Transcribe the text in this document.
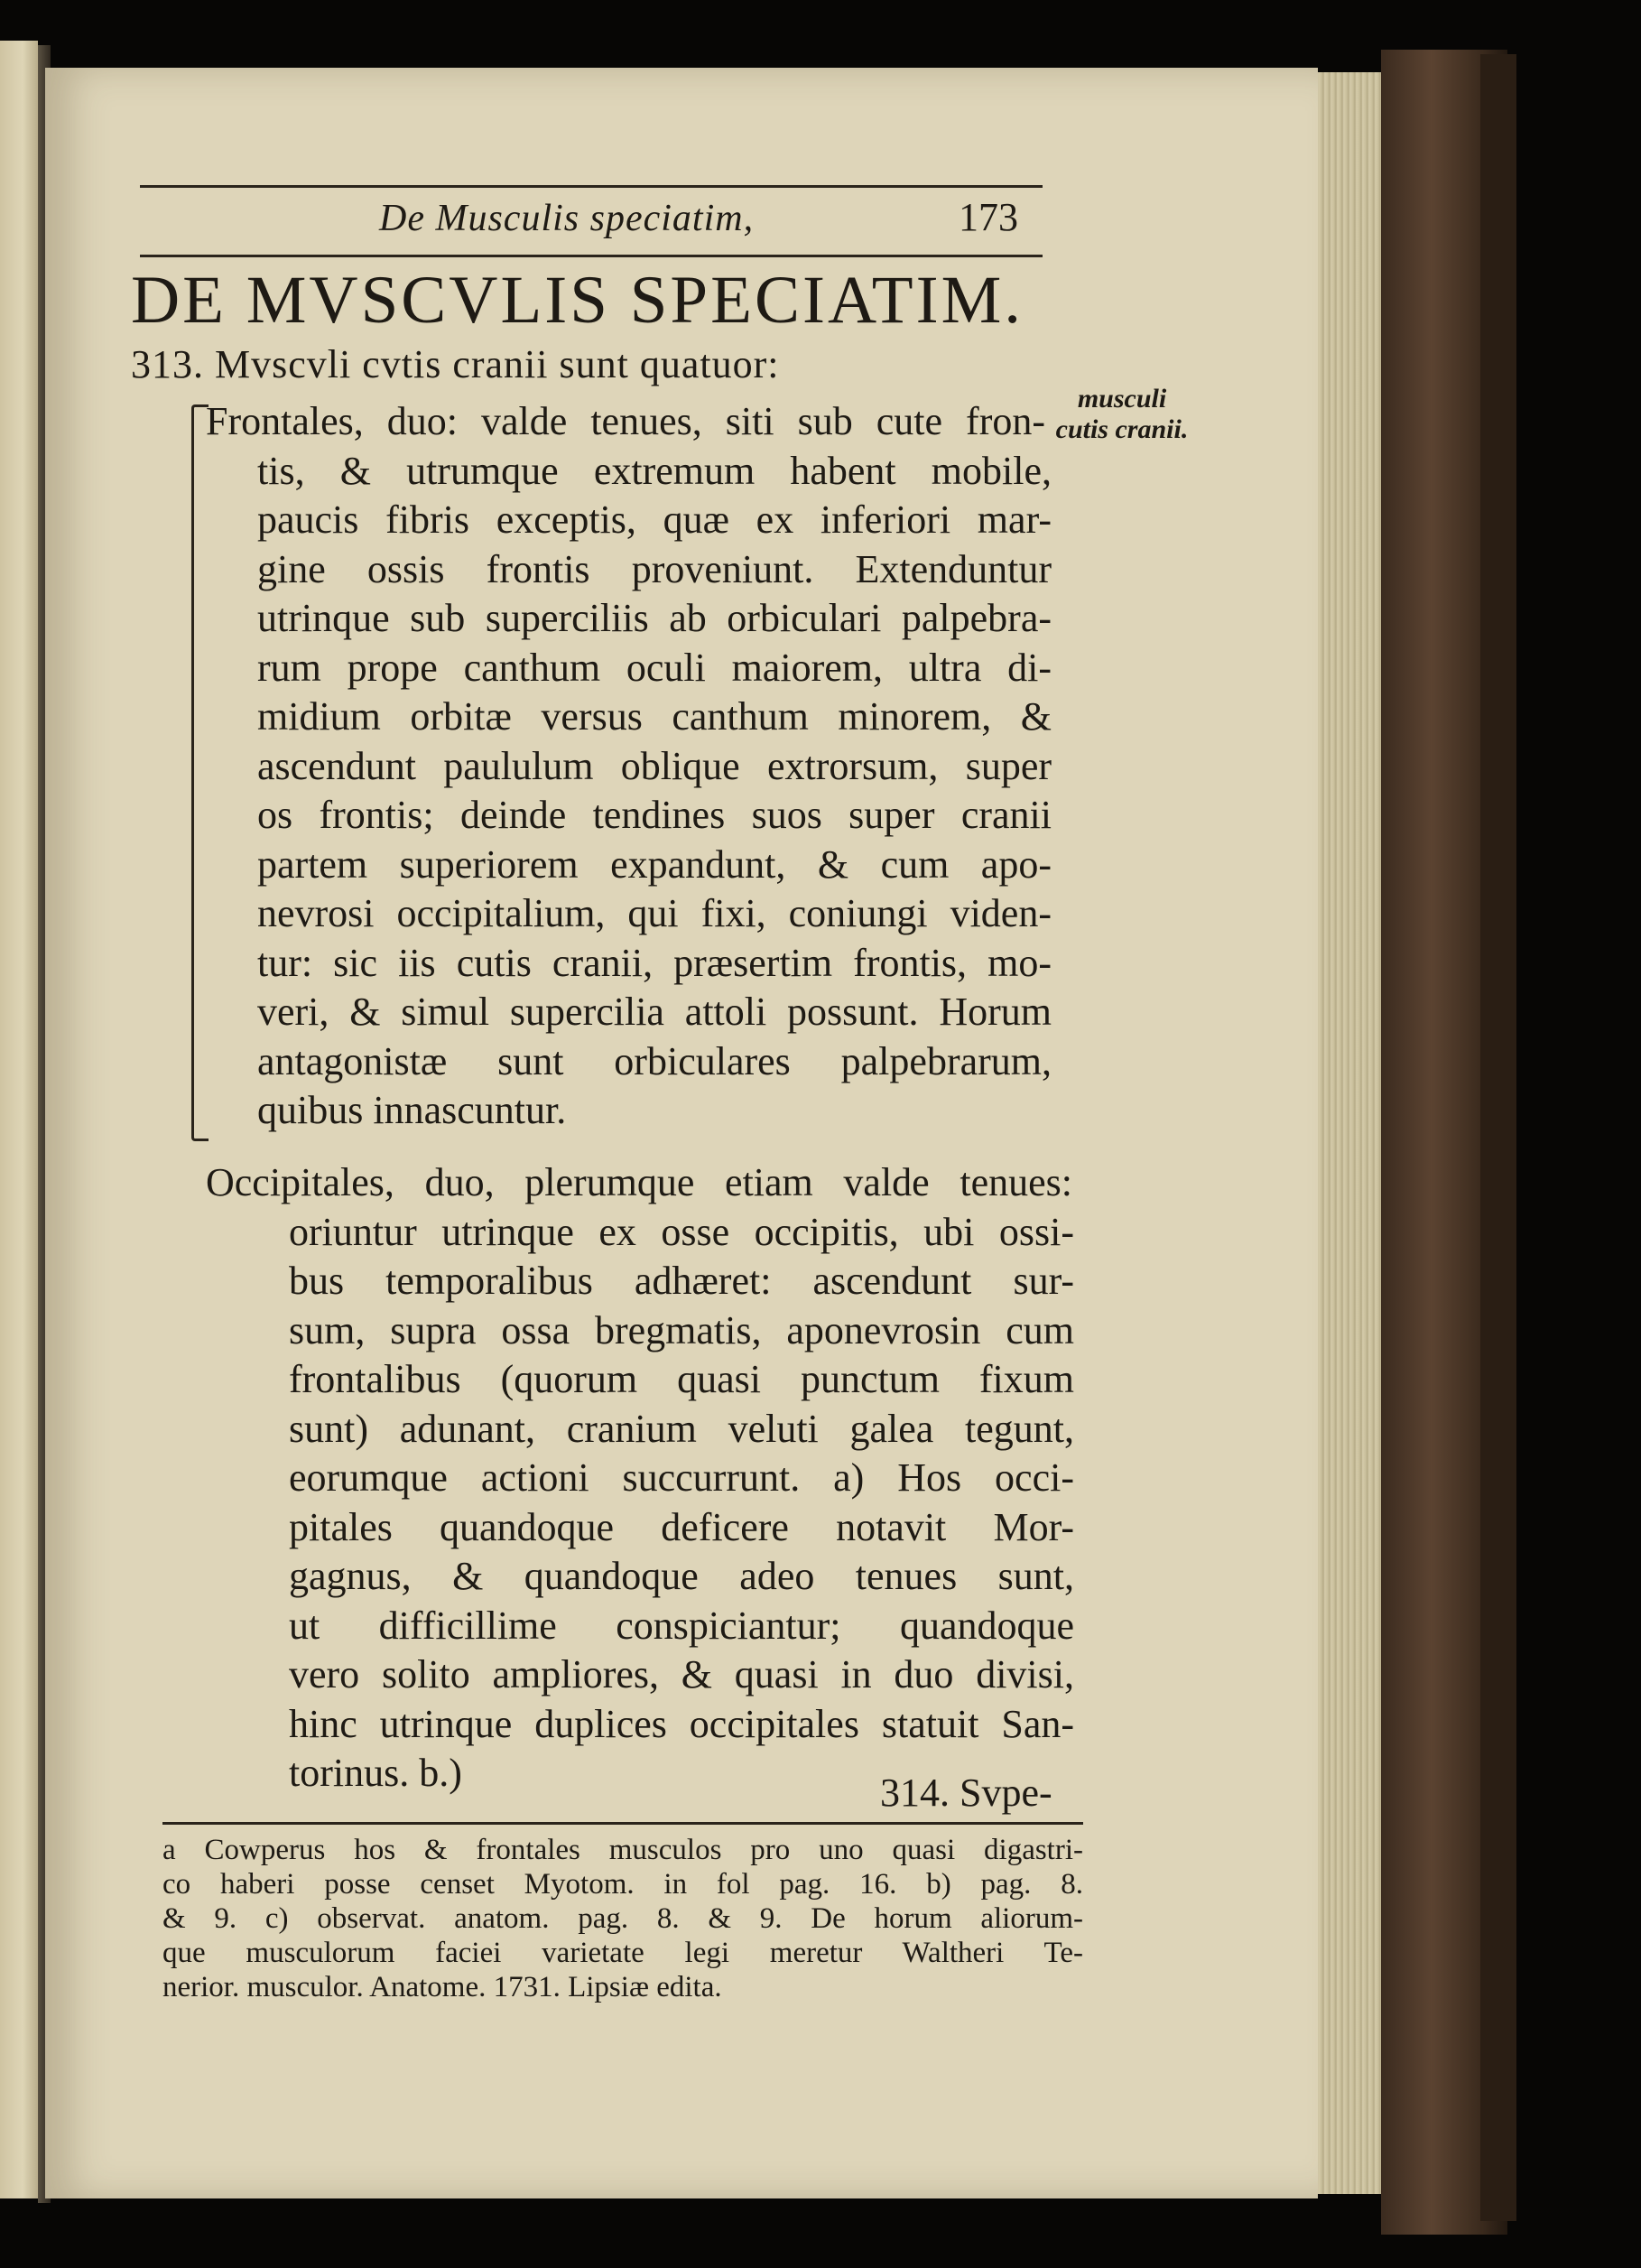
De Musculis speciatim,	173
DE MVSCVLIS SPECIATIM.
313. Mvscvli cvtis cranii sunt quatuor:
musculi cutis cranii.
Frontales, duo: valde tenues, siti sub cute fron-
tis, & utrumque extremum habent mobile,
paucis fibris exceptis, quæ ex inferiori mar-
gine ossis frontis proveniunt. Extenduntur
utrinque sub superciliis ab orbiculari palpebra-
rum prope canthum oculi maiorem, ultra di-
midium orbitæ versus canthum minorem, &
ascendunt paululum oblique extrorsum, super
os frontis; deinde tendines suos super cranii
partem superiorem expandunt, & cum apo-
nevrosi occipitalium, qui fixi, coniungi viden-
tur: sic iis cutis cranii, præsertim frontis, mo-
veri, & simul supercilia attoli possunt. Horum
antagonistæ sunt orbiculares palpebrarum,
quibus innascuntur.
Occipitales, duo, plerumque etiam valde tenues:
oriuntur utrinque ex osse occipitis, ubi ossi-
bus temporalibus adhæret: ascendunt sur-
sum, supra ossa bregmatis, aponevrosin cum
frontalibus (quorum quasi punctum fixum
sunt) adunant, cranium veluti galea tegunt,
eorumque actioni succurrunt. a) Hos occi-
pitales quandoque deficere notavit Mor-
gagnus, & quandoque adeo tenues sunt,
ut difficillime conspiciantur; quandoque
vero solito ampliores, & quasi in duo divisi,
hinc utrinque duplices occipitales statuit San-
torinus. b.)	314. Svpe-
a Cowperus hos & frontales musculos pro uno quasi digastri-
co haberi posse censet Myotom. in fol pag. 16. b) pag. 8.
& 9. c) observat. anatom. pag. 8. & 9. De horum aliorum-
que musculorum faciei varietate legi meretur Waltheri Te-
nerior. musculor. Anatome. 1731. Lipsiæ edita.
